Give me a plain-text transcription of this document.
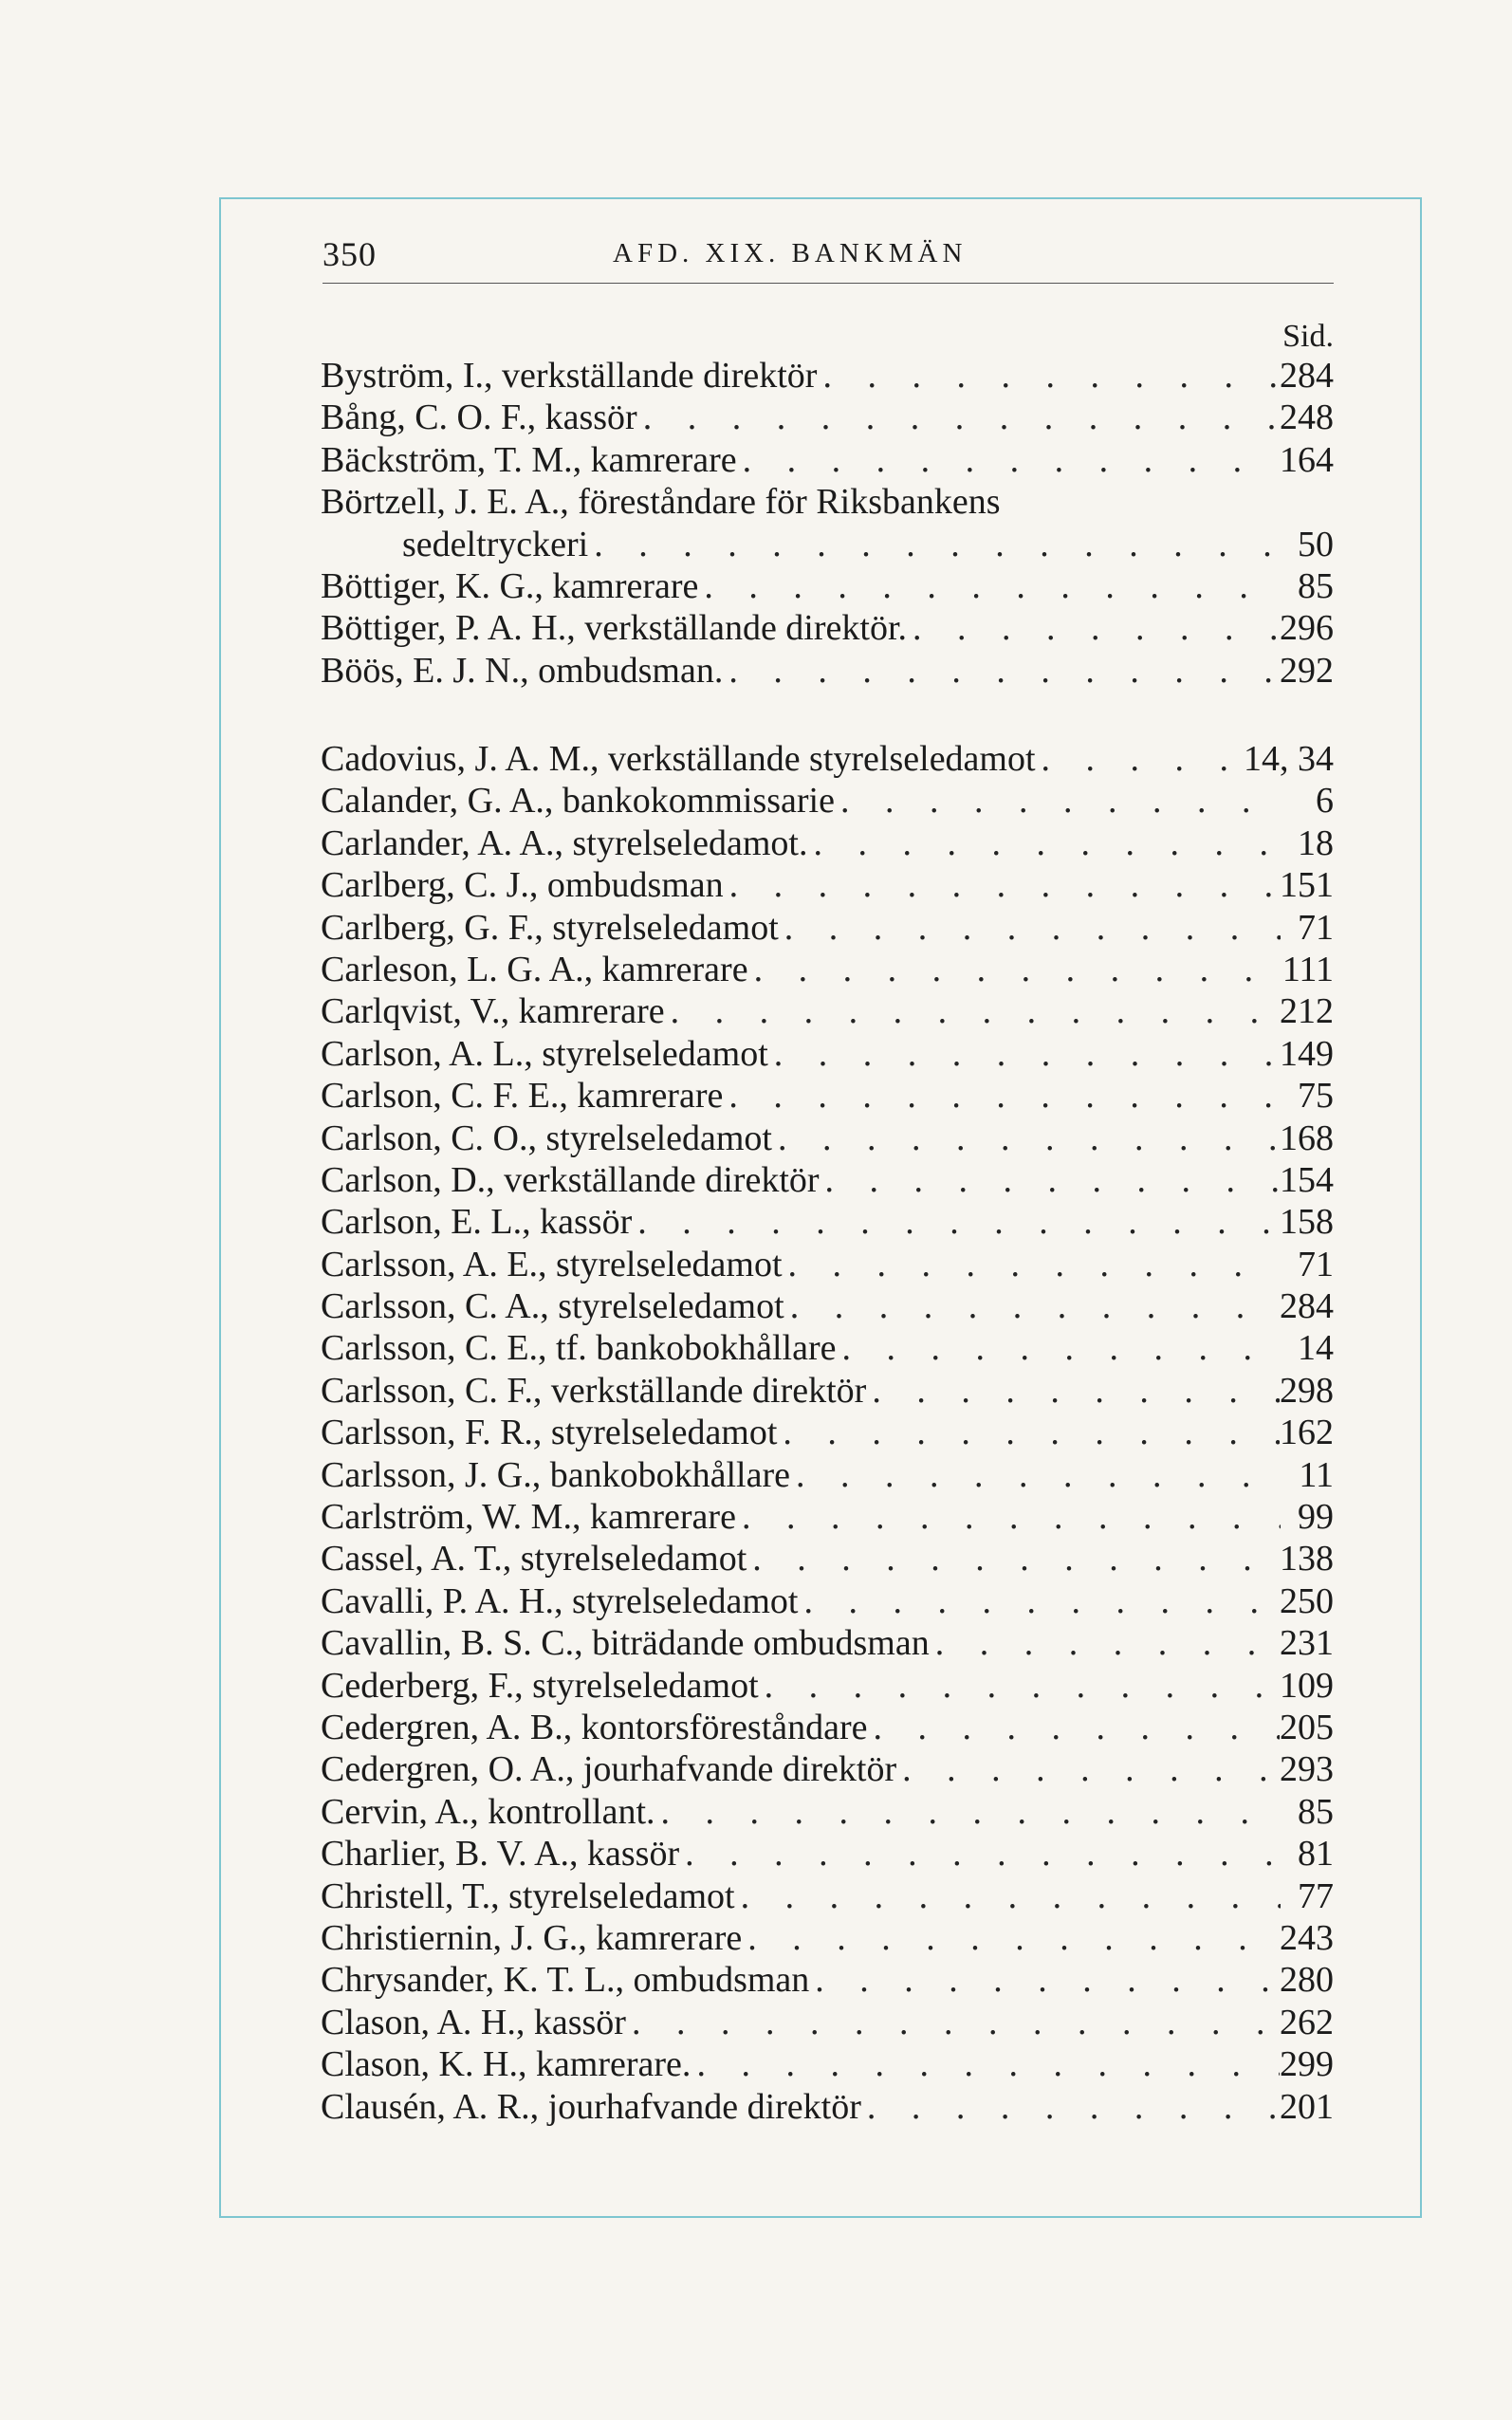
350	AFD. XIX. BANKMÄN
Sid.
Byström, I., verkställande direktör . . .	284
Bång, C. O. F., kassör . . .	248
Bäckström, T. M., kamrerare . . .	164
Börtzell, J. E. A., föreståndare för Riksbankens
sedeltryckeri . . .	50
Böttiger, K. G., kamrerare . . .	85
Böttiger, P. A. H., verkställande direktör. . . .	296
Böös, E. J. N., ombudsman. . . .	292
Cadovius, J. A. M., verkställande styrelseledamot . . .	14, 34
Calander, G. A., bankokommissarie . . .	6
Carlander, A. A., styrelseledamot. . . .	18
Carlberg, C. J., ombudsman . . .	151
Carlberg, G. F., styrelseledamot . . .	71
Carleson, L. G. A., kamrerare . . .	111
Carlqvist, V., kamrerare . . .	212
Carlson, A. L., styrelseledamot . . .	149
Carlson, C. F. E., kamrerare . . .	75
Carlson, C. O., styrelseledamot . . .	168
Carlson, D., verkställande direktör . . .	154
Carlson, E. L., kassör . . .	158
Carlsson, A. E., styrelseledamot . . .	71
Carlsson, C. A., styrelseledamot . . .	284
Carlsson, C. E., tf. bankobokhållare . . .	14
Carlsson, C. F., verkställande direktör . . .	298
Carlsson, F. R., styrelseledamot . . .	162
Carlsson, J. G., bankobokhållare . . .	11
Carlström, W. M., kamrerare . . .	99
Cassel, A. T., styrelseledamot . . .	138
Cavalli, P. A. H., styrelseledamot . . .	250
Cavallin, B. S. C., biträdande ombudsman . . .	231
Cederberg, F., styrelseledamot . . .	109
Cedergren, A. B., kontorsföreståndare . . .	205
Cedergren, O. A., jourhafvande direktör . . .	293
Cervin, A., kontrollant. . . .	85
Charlier, B. V. A., kassör . . .	81
Christell, T., styrelseledamot . . .	77
Christiernin, J. G., kamrerare . . .	243
Chrysander, K. T. L., ombudsman . . .	280
Clason, A. H., kassör . . .	262
Clason, K. H., kamrerare. . . .	299
Clausén, A. R., jourhafvande direktör . . .	201
